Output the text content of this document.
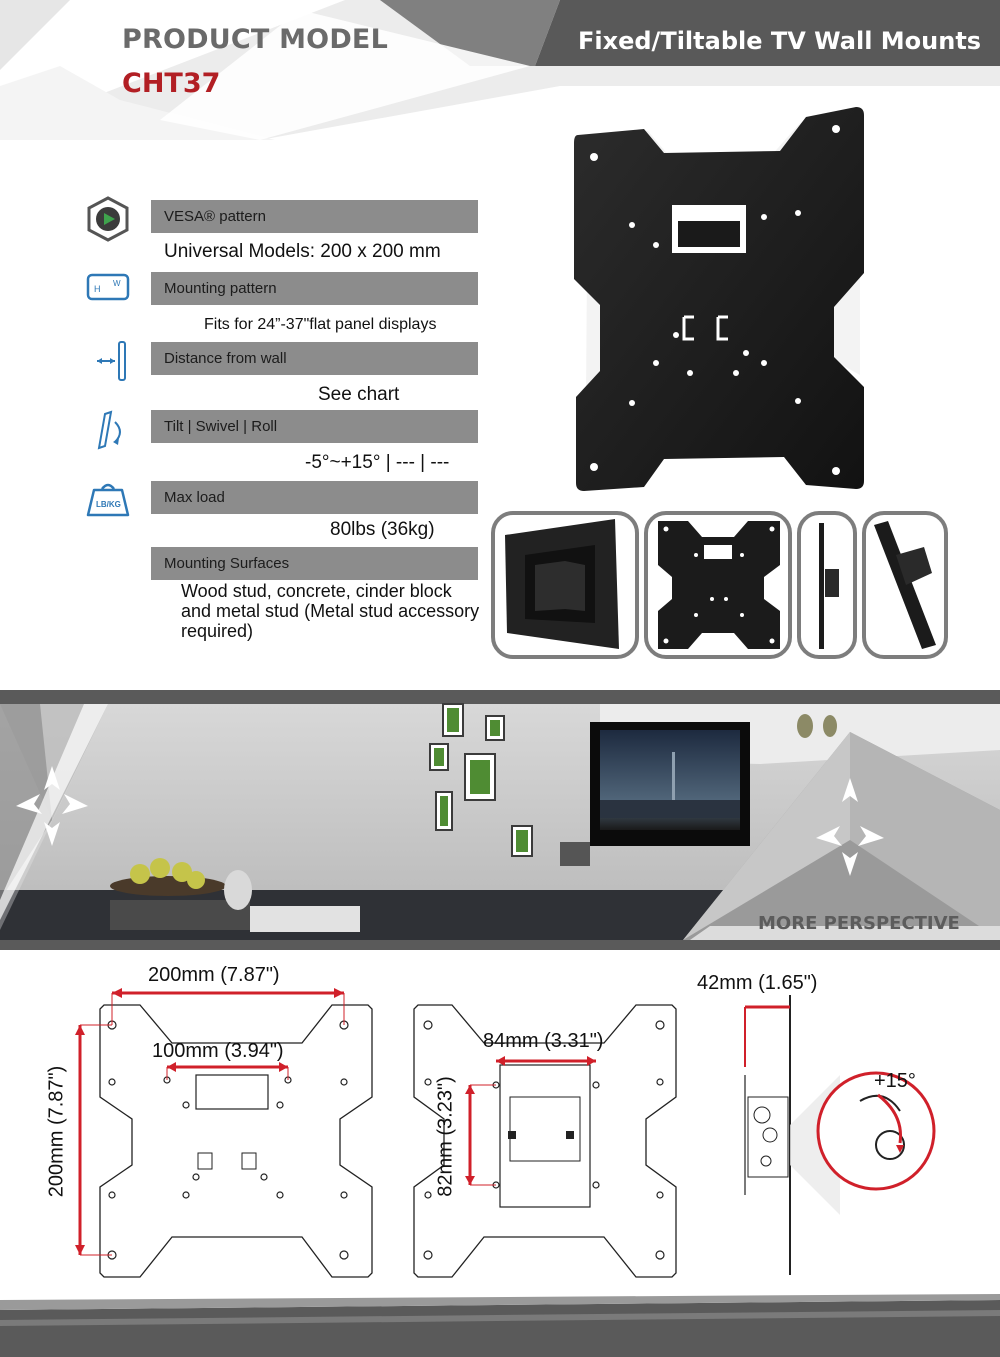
PRODUCT MODEL
CHT37
Fixed/Tiltable TV Wall Mounts
H
W
LB/KG
VESA® pattern
Universal Models: 200 x 200 mm
Mounting pattern
Fits for 24”-37"flat panel displays
Distance from wall
See chart
Tilt | Swivel | Roll
-5°~+15° | --- | ---
Max load
80lbs (36kg)
Mounting Surfaces
Wood stud, concrete, cinder block and metal stud (Metal stud accessory required)
MORE PERSPECTIVE
200mm (7.87")
100mm (3.94")
200mm (7.87")
84mm (3.31")
82mm (3.23")
42mm (1.65")
+15°
